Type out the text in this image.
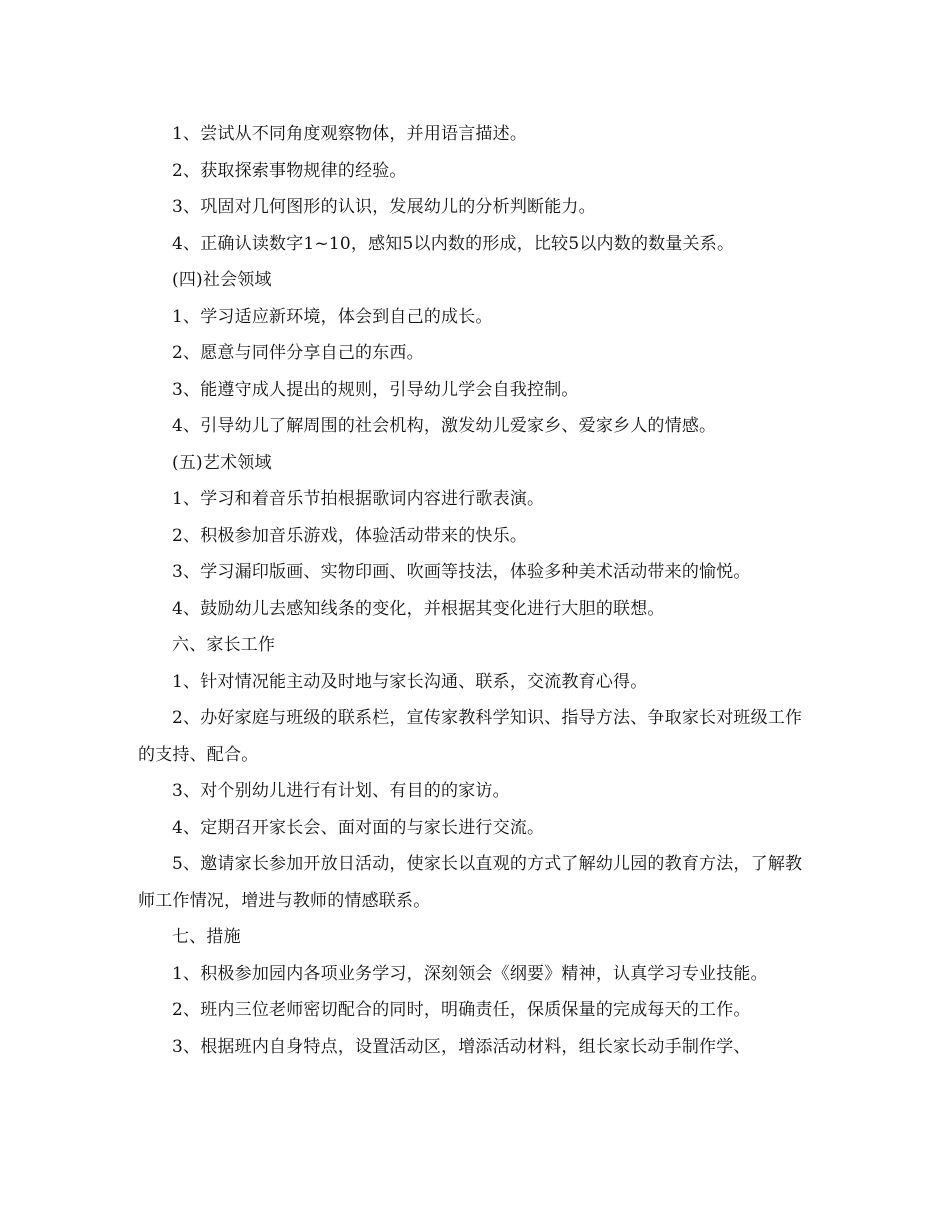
1、尝试从不同角度观察物体，并用语言描述。

2、获取探索事物规律的经验。

3、巩固对几何图形的认识，发展幼儿的分析判断能力。

4、正确认读数字1~10，感知5以内数的形成，比较5以内数的数量关系。

(四)社会领域

1、学习适应新环境，体会到自己的成长。

2、愿意与同伴分享自己的东西。

3、能遵守成人提出的规则，引导幼儿学会自我控制。

4、引导幼儿了解周围的社会机构，激发幼儿爱家乡、爱家乡人的情感。

(五)艺术领域

1、学习和着音乐节拍根据歌词内容进行歌表演。

2、积极参加音乐游戏，体验活动带来的快乐。

3、学习漏印版画、实物印画、吹画等技法，体验多种美术活动带来的愉悦。

4、鼓励幼儿去感知线条的变化，并根据其变化进行大胆的联想。

六、家长工作

1、针对情况能主动及时地与家长沟通、联系，交流教育心得。

2、办好家庭与班级的联系栏，宣传家教科学知识、指导方法、争取家长对班级工作的支持、配合。

3、对个别幼儿进行有计划、有目的的家访。

4、定期召开家长会、面对面的与家长进行交流。

5、邀请家长参加开放日活动，使家长以直观的方式了解幼儿园的教育方法，了解教师工作情况，增进与教师的情感联系。

七、措施

1、积极参加园内各项业务学习，深刻领会《纲要》精神，认真学习专业技能。

2、班内三位老师密切配合的同时，明确责任，保质保量的完成每天的工作。

3、根据班内自身特点，设置活动区，增添活动材料，组长家长动手制作学、
